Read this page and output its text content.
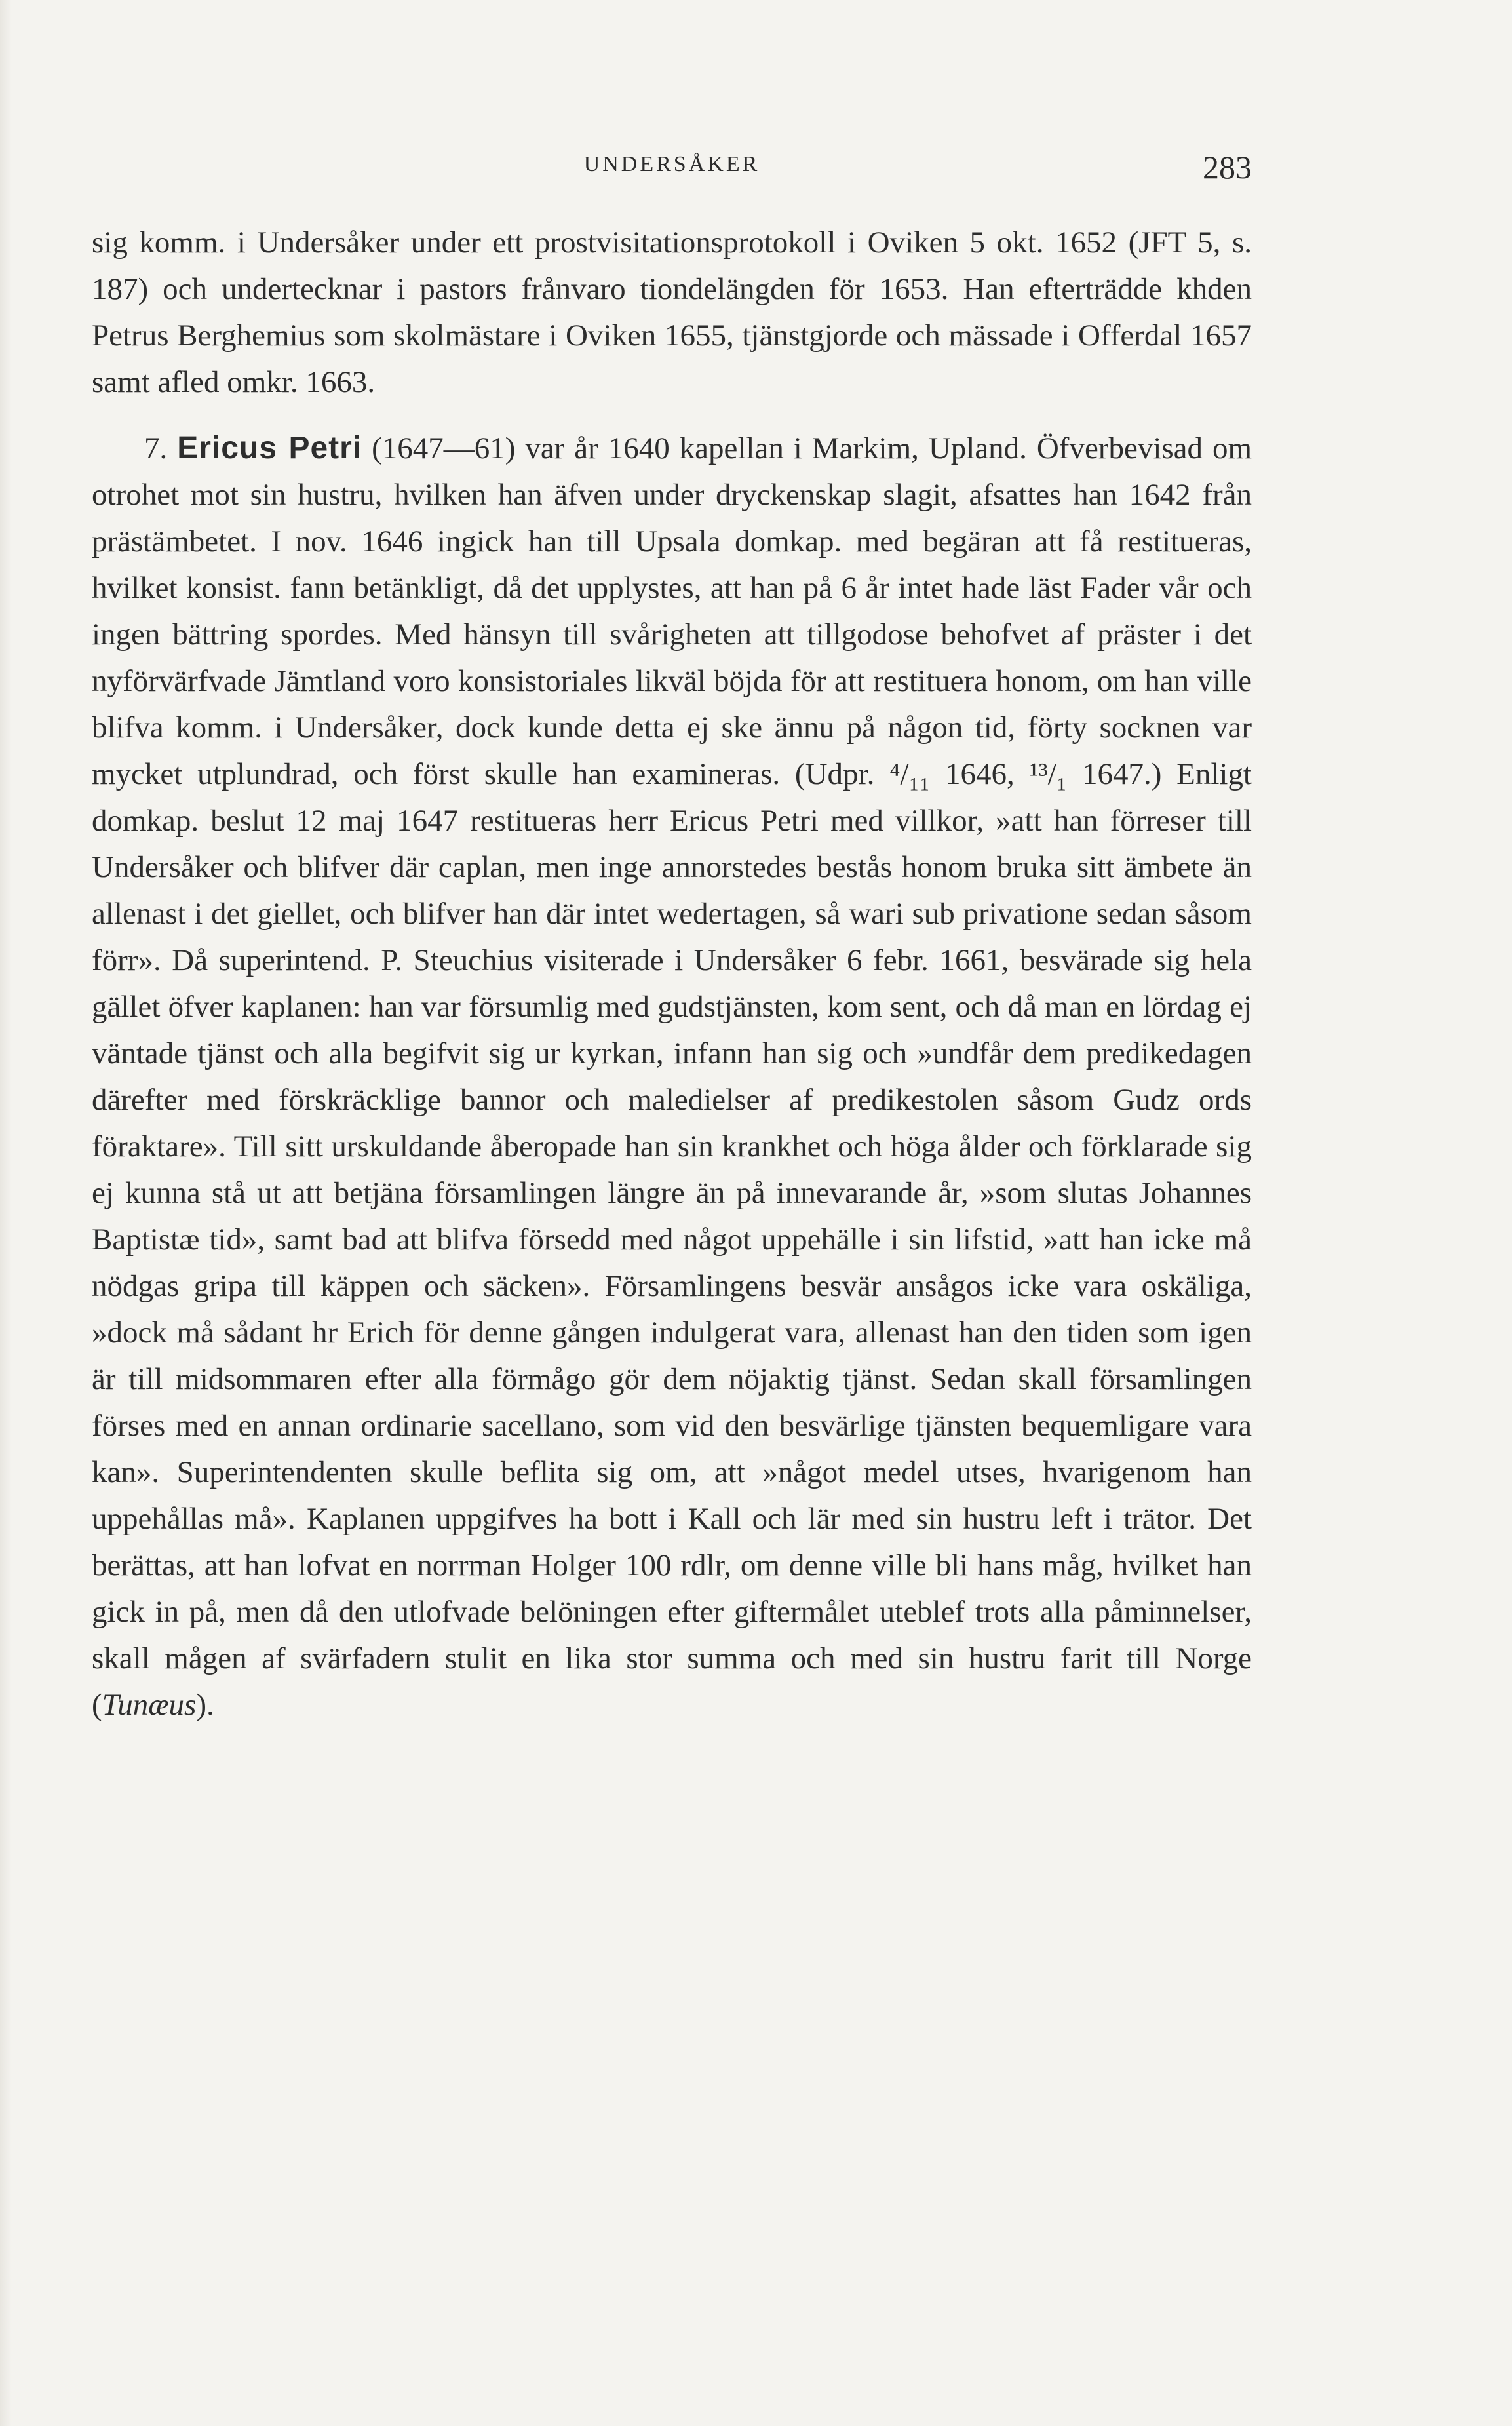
UNDERSÅKER	283

sig komm. i Undersåker under ett prostvisitationsprotokoll i Oviken 5 okt. 1652 (JFT 5, s. 187) och undertecknar i pastors frånvaro tiondelängden för 1653. Han efterträdde khden Petrus Berghemius som skolmästare i Oviken 1655, tjänstgjorde och mässade i Offerdal 1657 samt afled omkr. 1663.

7. Ericus Petri (1647—61) var år 1640 kapellan i Markim, Upland. Öfverbevisad om otrohet mot sin hustru, hvilken han äfven under dryckenskap slagit, afsattes han 1642 från prästämbetet. I nov. 1646 ingick han till Upsala domkap. med begäran att få restitueras, hvilket konsist. fann betänkligt, då det upplystes, att han på 6 år intet hade läst Fader vår och ingen bättring spordes. Med hänsyn till svårigheten att tillgodose behofvet af präster i det nyförvärfvade Jämtland voro konsistoriales likväl böjda för att restituera honom, om han ville blifva komm. i Undersåker, dock kunde detta ej ske ännu på någon tid, förty socknen var mycket utplundrad, och först skulle han examineras. (Udpr. ⁴/₁₁ 1646, ¹³/₁ 1647.) Enligt domkap. beslut 12 maj 1647 restitueras herr Ericus Petri med villkor, »att han förreser till Undersåker och blifver där caplan, men inge annorstedes bestås honom bruka sitt ämbete än allenast i det giellet, och blifver han där intet wedertagen, så wari sub privatione sedan såsom förr». Då superintend. P. Steuchius visiterade i Undersåker 6 febr. 1661, besvärade sig hela gället öfver kaplanen: han var försumlig med gudstjänsten, kom sent, och då man en lördag ej väntade tjänst och alla begifvit sig ur kyrkan, infann han sig och »undfår dem predikedagen därefter med förskräcklige bannor och maledielser af predikestolen såsom Gudz ords föraktare». Till sitt urskuldande åberopade han sin krankhet och höga ålder och förklarade sig ej kunna stå ut att betjäna församlingen längre än på innevarande år, »som slutas Johannes Baptistæ tid», samt bad att blifva försedd med något uppehälle i sin lifstid, »att han icke må nödgas gripa till käppen och säcken». Församlingens besvär ansågos icke vara oskäliga, »dock må sådant hr Erich för denne gången indulgerat vara, allenast han den tiden som igen är till midsommaren efter alla förmågo gör dem nöjaktig tjänst. Sedan skall församlingen förses med en annan ordinarie sacellano, som vid den besvärlige tjänsten bequemligare vara kan». Superintendenten skulle beflita sig om, att »något medel utses, hvarigenom han uppehållas må». Kaplanen uppgifves ha bott i Kall och lär med sin hustru left i trätor. Det berättas, att han lofvat en norrman Holger 100 rdlr, om denne ville bli hans måg, hvilket han gick in på, men då den utlofvade belöningen efter giftermålet uteblef trots alla påminnelser, skall mågen af svärfadern stulit en lika stor summa och med sin hustru farit till Norge (Tunæus).
